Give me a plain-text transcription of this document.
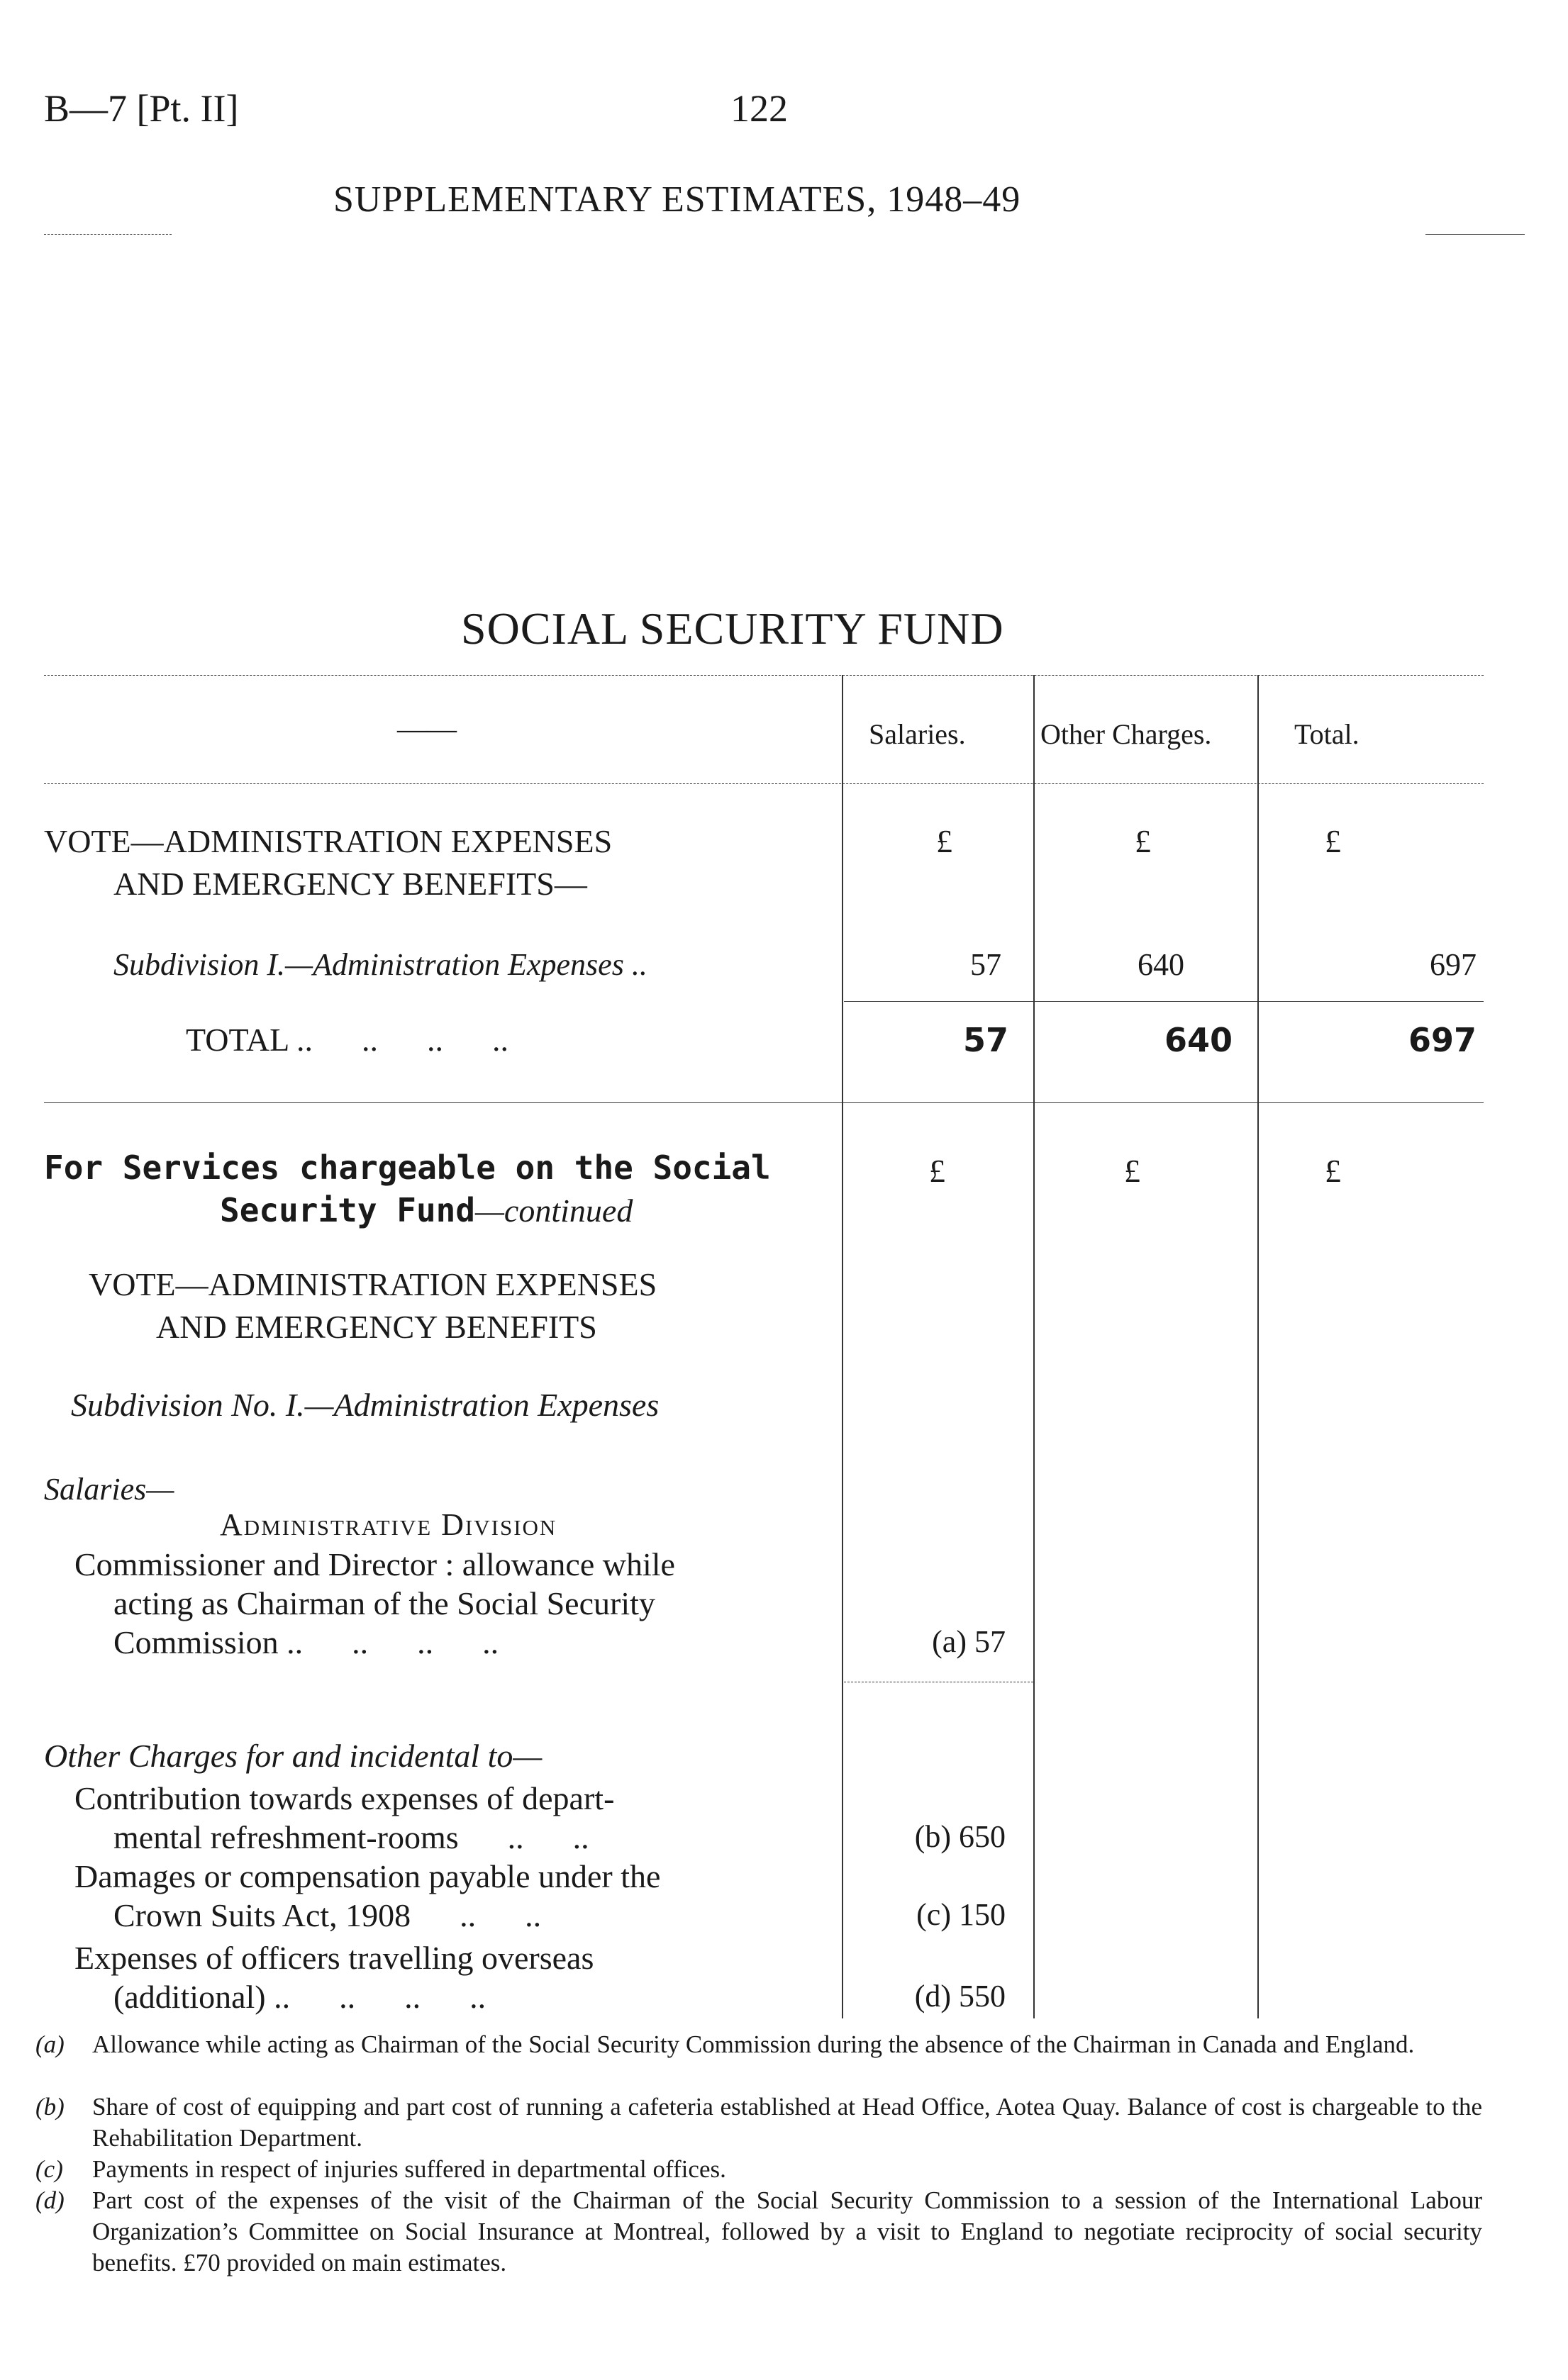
B—7 [Pt. II]	122
SUPPLEMENTARY ESTIMATES, 1948–49
SOCIAL SECURITY FUND
——	Salaries.	Other Charges.	Total.
VOTE—ADMINISTRATION EXPENSES
AND EMERGENCY BENEFITS—
£	£	£
Subdivision I.—Administration Expenses ..	57	640	697
TOTAL ..      ..      ..      ..	57	640	697
For Services chargeable on the Social
Security Fund—continued
£	£	£
VOTE—ADMINISTRATION EXPENSES
AND EMERGENCY BENEFITS
Subdivision No. I.—Administration Expenses
Salaries—
Administrative Division
Commissioner and Director : allowance while
acting as Chairman of the Social Security
Commission ..      ..      ..      ..	(a) 57
Other Charges for and incidental to—
Contribution towards expenses of depart-
mental refreshment-rooms      ..      ..	(b) 650
Damages or compensation payable under the
Crown Suits Act, 1908      ..      ..	(c) 150
Expenses of officers travelling overseas
(additional) ..      ..      ..      ..	(d) 550
(a) Allowance while acting as Chairman of the Social Security Commission during the absence of the Chairman in Canada and England.
(b) Share of cost of equipping and part cost of running a cafeteria established at Head Office, Aotea Quay. Balance of cost is chargeable to the Rehabilitation Department.
(c) Payments in respect of injuries suffered in departmental offices.
(d) Part cost of the expenses of the visit of the Chairman of the Social Security Commission to a session of the International Labour Organization’s Committee on Social Insurance at Montreal, followed by a visit to England to negotiate reciprocity of social security benefits. £70 provided on main estimates.
